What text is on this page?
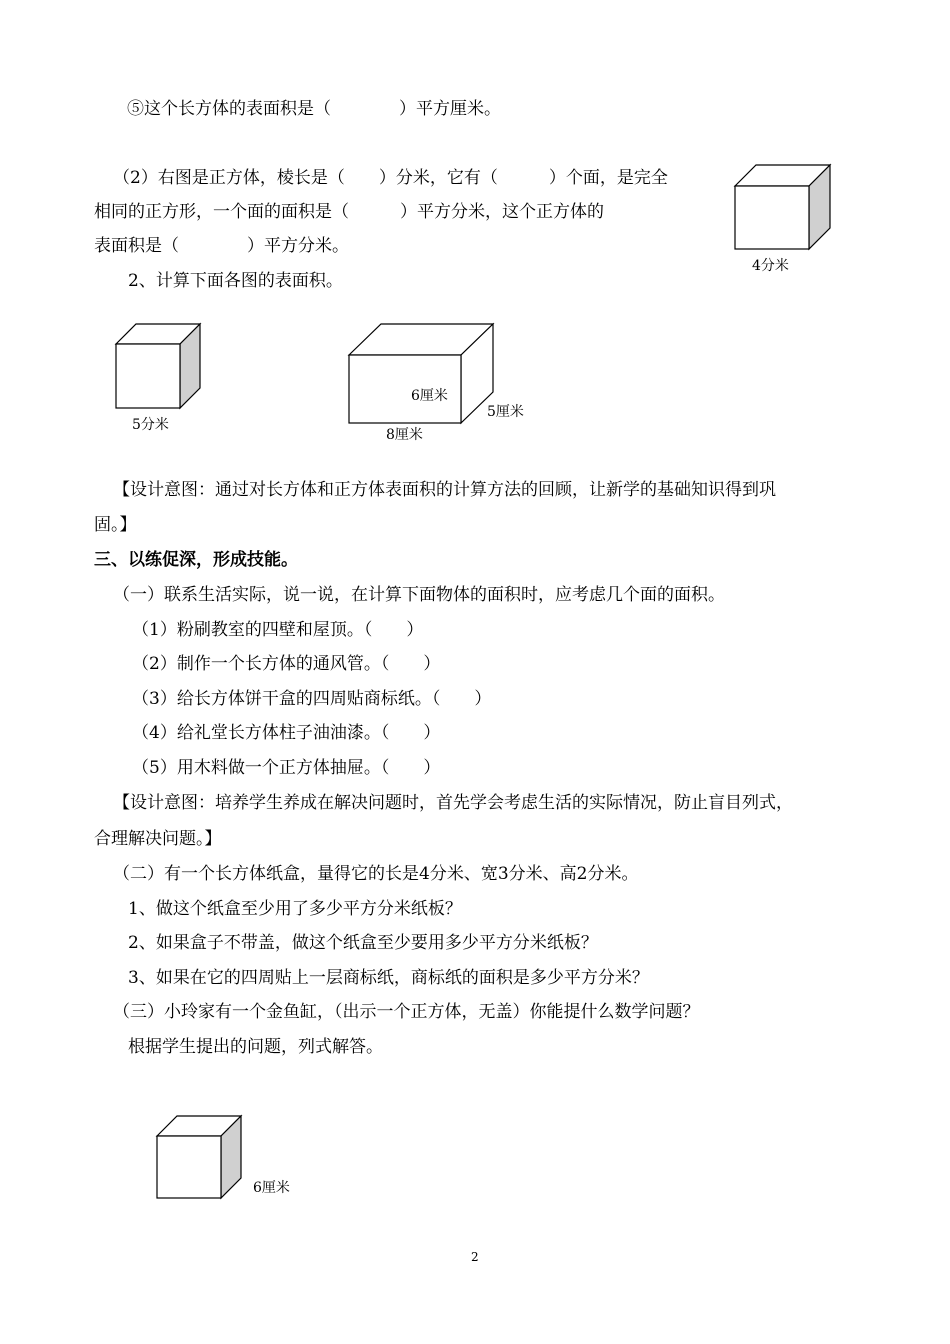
⑤这个长方体的表面积是（　　　　）平方厘米。
（2）右图是正方体，棱长是（　　）分米，它有（　　　）个面，是完全
相同的正方形，一个面的面积是（　　　）平方分米，这个正方体的
表面积是（　　　　）平方分米。
2、计算下面各图的表面积。
4分米
5分米
6厘米
5厘米
8厘米
【设计意图：通过对长方体和正方体表面积的计算方法的回顾，让新学的基础知识得到巩
固。】
三、以练促深，形成技能。
（一）联系生活实际，说一说，在计算下面物体的面积时，应考虑几个面的面积。
（1）粉刷教室的四壁和屋顶。（　　）
（2）制作一个长方体的通风管。（　　）
（3）给长方体饼干盒的四周贴商标纸。（　　）
（4）给礼堂长方体柱子油油漆。（　　）
（5）用木料做一个正方体抽屉。（　　）
【设计意图：培养学生养成在解决问题时，首先学会考虑生活的实际情况，防止盲目列式，
合理解决问题。】
（二）有一个长方体纸盒，量得它的长是4分米、宽3分米、高2分米。
1、做这个纸盒至少用了多少平方分米纸板？
2、如果盒子不带盖，做这个纸盒至少要用多少平方分米纸板？
3、如果在它的四周贴上一层商标纸，商标纸的面积是多少平方分米？
（三）小玲家有一个金鱼缸，（出示一个正方体，无盖）你能提什么数学问题？
根据学生提出的问题，列式解答。
6厘米
2
